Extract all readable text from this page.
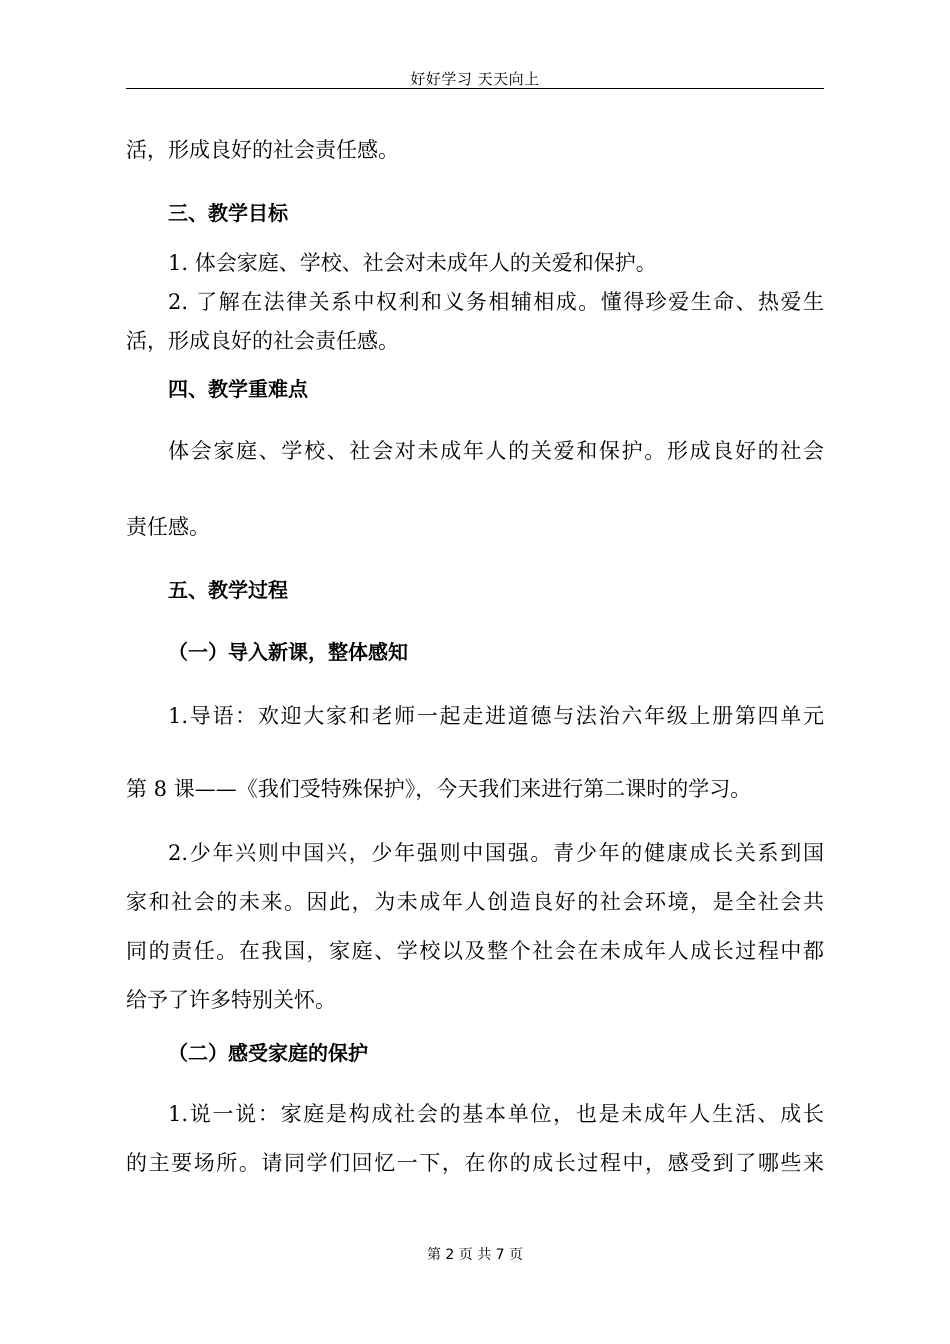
好好学习 天天向上
活，形成良好的社会责任感。
三、教学目标
1. 体会家庭、学校、社会对未成年人的关爱和保护。
2. 了解在法律关系中权利和义务相辅相成。懂得珍爱生命、热爱生
活，形成良好的社会责任感。
四、教学重难点
体会家庭、学校、社会对未成年人的关爱和保护。形成良好的社会
责任感。
五、教学过程
（一）导入新课，整体感知
1.导语：欢迎大家和老师一起走进道德与法治六年级上册第四单元
第 8 课——《我们受特殊保护》，今天我们来进行第二课时的学习。
2.少年兴则中国兴，少年强则中国强。青少年的健康成长关系到国
家和社会的未来。因此，为未成年人创造良好的社会环境，是全社会共
同的责任。在我国，家庭、学校以及整个社会在未成年人成长过程中都
给予了许多特别关怀。
（二）感受家庭的保护
1.说一说：家庭是构成社会的基本单位，也是未成年人生活、成长
的主要场所。请同学们回忆一下，在你的成长过程中，感受到了哪些来
第 2 页 共 7 页
